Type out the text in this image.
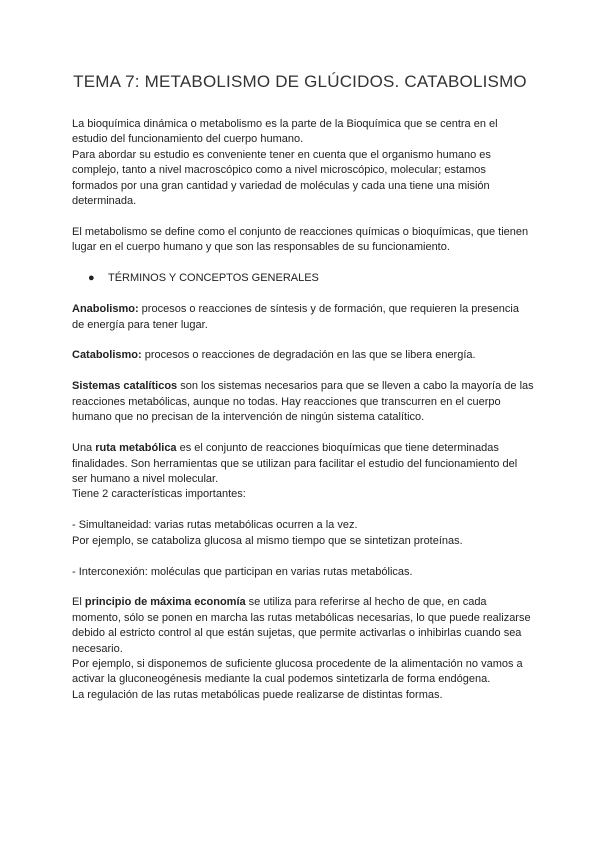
TEMA 7: METABOLISMO DE GLÚCIDOS. CATABOLISMO

La bioquímica dinámica o metabolismo es la parte de la Bioquímica que se centra en el estudio del funcionamiento del cuerpo humano.

Para abordar su estudio es conveniente tener en cuenta que el organismo humano es complejo, tanto a nivel macroscópico como a nivel microscópico, molecular; estamos formados por una gran cantidad y variedad de moléculas y cada una tiene una misión determinada.

El metabolismo se define como el conjunto de reacciones químicas o bioquímicas, que tienen lugar en el cuerpo humano y que son las responsables de su funcionamiento.

● TÉRMINOS Y CONCEPTOS GENERALES

Anabolismo: procesos o reacciones de síntesis y de formación, que requieren la presencia de energía para tener lugar.

Catabolismo: procesos o reacciones de degradación en las que se libera energía.

Sistemas catalíticos son los sistemas necesarios para que se lleven a cabo la mayoría de las reacciones metabólicas, aunque no todas. Hay reacciones que transcurren en el cuerpo humano que no precisan de la intervención de ningún sistema catalítico.

Una ruta metabólica es el conjunto de reacciones bioquímicas que tiene determinadas finalidades. Son herramientas que se utilizan para facilitar el estudio del funcionamiento del ser humano a nivel molecular.

Tiene 2 características importantes:

- Simultaneidad: varias rutas metabólicas ocurren a la vez.

Por ejemplo, se cataboliza glucosa al mismo tiempo que se sintetizan proteínas.

- Interconexión: moléculas que participan en varias rutas metabólicas.

El principio de máxima economía se utiliza para referirse al hecho de que, en cada momento, sólo se ponen en marcha las rutas metabólicas necesarias, lo que puede realizarse debido al estricto control al que están sujetas, que permite activarlas o inhibirlas cuando sea necesario.

Por ejemplo, si disponemos de suficiente glucosa procedente de la alimentación no vamos a activar la gluconeogénesis mediante la cual podemos sintetizarla de forma endógena.

La regulación de las rutas metabólicas puede realizarse de distintas formas.
